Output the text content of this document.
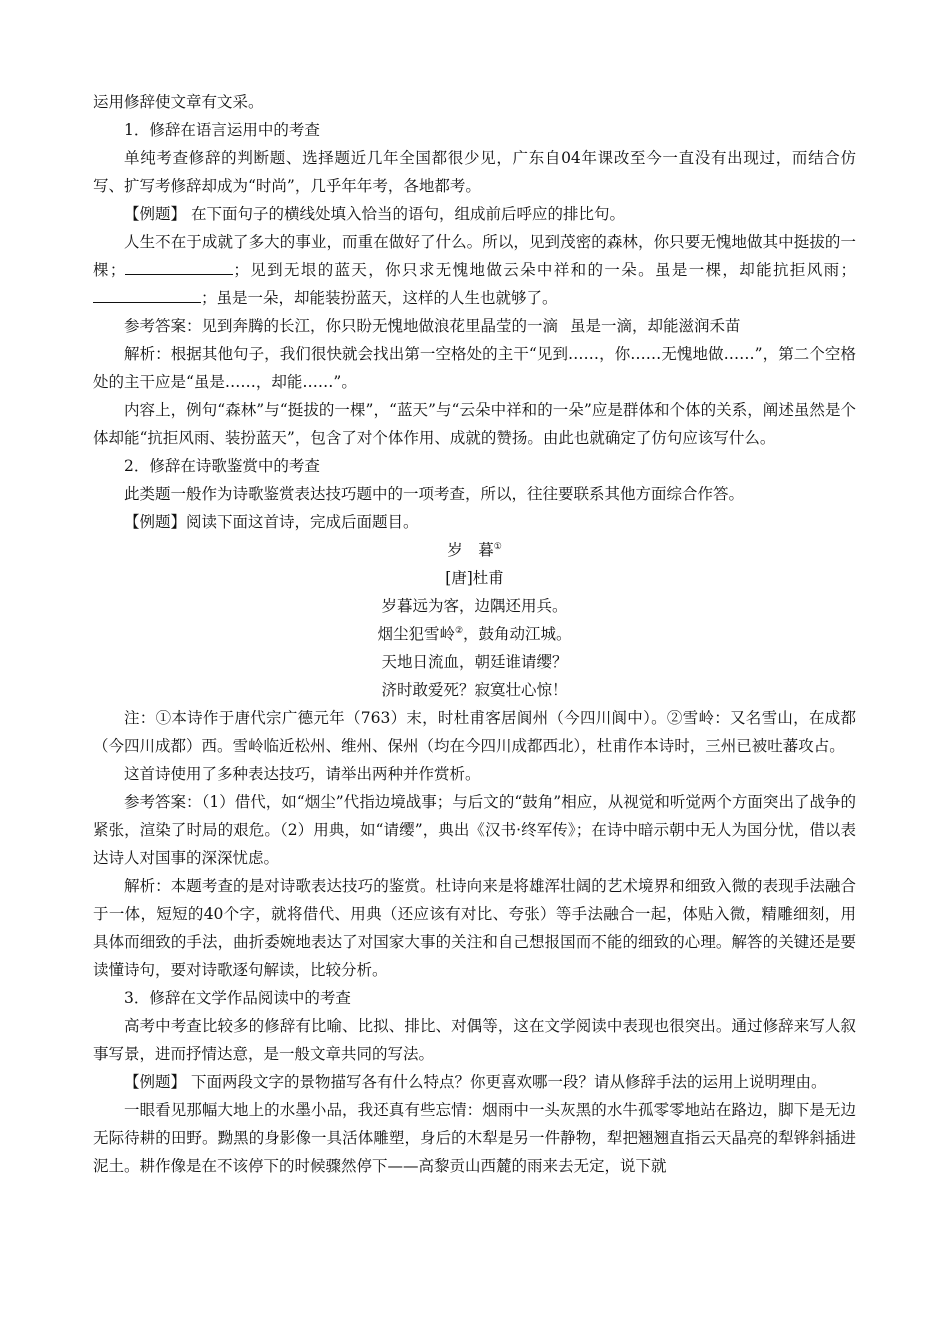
运用修辞使文章有文采。

1．修辞在语言运用中的考查

单纯考查修辞的判断题、选择题近几年全国都很少见，广东自04年课改至今一直没有出现过，而结合仿写、扩写考修辞却成为“时尚”，几乎年年考，各地都考。

【例题】 在下面句子的横线处填入恰当的语句，组成前后呼应的排比句。

人生不在于成就了多大的事业，而重在做好了什么。所以，见到茂密的森林，你只要无愧地做其中挺拔的一棵；	；见到无垠的蓝天，你只求无愧地做云朵中祥和的一朵。虽是一棵，却能抗拒风雨；；虽是一朵，却能装扮蓝天，这样的人生也就够了。

参考答案：见到奔腾的长江，你只盼无愧地做浪花里晶莹的一滴 虽是一滴，却能滋润禾苗

解析：根据其他句子，我们很快就会找出第一空格处的主干“见到……，你……无愧地做……”，第二个空格处的主干应是“虽是……，却能……”。

内容上，例句“森林”与“挺拔的一棵”，“蓝天”与“云朵中祥和的一朵”应是群体和个体的关系，阐述虽然是个体却能“抗拒风雨、装扮蓝天”，包含了对个体作用、成就的赞扬。由此也就确定了仿句应该写什么。

2．修辞在诗歌鉴赏中的考查

此类题一般作为诗歌鉴赏表达技巧题中的一项考查，所以，往往要联系其他方面综合作答。

【例题】阅读下面这首诗，完成后面题目。

岁　暮①

[唐]杜甫

岁暮远为客，边隅还用兵。

烟尘犯雪岭②，鼓角动江城。

天地日流血，朝廷谁请缨？

济时敢爱死？寂寞壮心惊！

注：①本诗作于唐代宗广德元年（763）末，时杜甫客居阆州（今四川阆中）。②雪岭：又名雪山，在成都（今四川成都）西。雪岭临近松州、维州、保州（均在今四川成都西北），杜甫作本诗时，三州已被吐蕃攻占。

这首诗使用了多种表达技巧，请举出两种并作赏析。

参考答案：（1）借代，如“烟尘”代指边境战事；与后文的“鼓角”相应，从视觉和听觉两个方面突出了战争的紧张，渲染了时局的艰危。（2）用典，如“请缨”，典出《汉书·终军传》；在诗中暗示朝中无人为国分忧，借以表达诗人对国事的深深忧虑。

解析：本题考查的是对诗歌表达技巧的鉴赏。杜诗向来是将雄浑壮阔的艺术境界和细致入微的表现手法融合于一体，短短的40个字，就将借代、用典（还应该有对比、夸张）等手法融合一起，体贴入微，精雕细刻，用具体而细致的手法，曲折委婉地表达了对国家大事的关注和自己想报国而不能的细致的心理。解答的关键还是要读懂诗句，要对诗歌逐句解读，比较分析。

3．修辞在文学作品阅读中的考查

高考中考查比较多的修辞有比喻、比拟、排比、对偶等，这在文学阅读中表现也很突出。通过修辞来写人叙事写景，进而抒情达意，是一般文章共同的写法。

【例题】 下面两段文字的景物描写各有什么特点？你更喜欢哪一段？请从修辞手法的运用上说明理由。

一眼看见那幅大地上的水墨小品，我还真有些忘情：烟雨中一头灰黑的水牛孤零零地站在路边，脚下是无边无际待耕的田野。黝黑的身影像一具活体雕塑，身后的木犁是另一件静物，犁把翘翘直指云天晶亮的犁铧斜插进泥土。耕作像是在不该停下的时候骤然停下——高黎贡山西麓的雨来去无定，说下就
